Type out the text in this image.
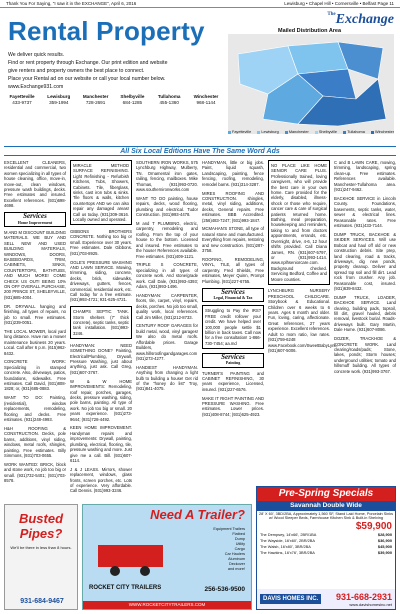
Thank You For Saying, "I saw it in the EXCHANGE", April 6, 2016	Lewisburg • Chapel Hill • Cornersville • Belfast Page 11
Rental Property

We deliver quick results.

Find or rent property through Exchange. Our print edition and website

give renters and property owners the best place to connect.

Place your Rental ad on our website or call your local number below.

www.Exchange931.com

Fayetteville
433-9737
Lewisburg
359-1994
Manchester
728-2691
Shelbyville
684-1285
Tullahoma
455-1360
Winchester
968-1144
$^{The}$Exchange
Mailed Distribution Area
Fayetteville	Lewisburg	Manchester	Shelbyville	Tullahoma	Winchester
All Six Local Editions Have The Same Word Ads
EXCELLENT CLEANERS, residential and commercial, two women specializing in all types of house cleaning, office, move-in, move-out, clean windows, pressure wash buildings, decks. Free estimates and insured. Excellent references. (931)698-4698.
Services
Home Improvement
M AND M DISCOUNT BUILDING MATERIALS. WE BUY AND SELL NEW AND USED BUILDING MATERIALS, WINDOWS, DOORS, BASEBOARDS, TRIM, CABINETS, SINKS, COUNTERTOPS, BATHTUBS, AND MUCH MORE! COME CHECK US OUT! BEING 10% ON OFF OVERALL PURCHASE, 200 PRINCE ST, SHELBYVILLE, (931)685-4004.
DR. DRYWALL hanging and finishing, all types of repairs, no job to small. Free estimates. (931)239-0051.
THE LOCAL MOWER, local yard long distance. Have ran a mower maintenance business 20 years. Local. Call after 6 p.m. (615)962-8432.
CONCRETE WORK: Specializing in stamped concrete. Also, driveways, patios, foundations, sidewalks. Free estimates. Call David, (931)808-1828; or, (931)685-0883.
WANT TO DO: Painting, (residential), window replacements, remodeling, flooring and decks. Free estimates. (931)248-4993.
H&H ROOFING & CONSTRUCTION. Decks, pole barns, additions, vinyl siding, windows, metal roofs, shingles, painting. Free estimates. Billy Simmons, (931)703-0655.
WORK WANTED: BRICK, block and stone work, no job too big or small. (931)732-5401; (931)703-8578.
MIRACLE METHOD SURFACE REFINISHING. Light Refinishing - Refurbish Kitchens, Tubs, Showers, Cabinets. Tile, fiberglass, sinks, cast iron tubs & sinks. Tile floors & walls, kitchen countertops AND we can also repair any damaged areas! Call us today. (931)309-3616. Locally owned and operated.
GIBBONS BROTHERS CONCRETE. Nothing too big or small. Experience over 30 years. Free estimates. Dale Gibbons. (931)703-8925.
OGLE'S PRESSURE WASHING AND LAWN SERVICE. Mowing, trimming, siding, concrete, decks, brick, sidewalks, driveways, gutters, fences, commercial, residential work, etc. Call today for a free estimate. (931)993-4721; 931-625-4721.
CHAMPS SEPTIC TANK. Storm shelters (7' thick concrete), septic tanks, septic tank installation. (931)993-3246.
HANDYMAN: NEED SOMETHING DONE? Painting, Electrical/Plumbing, Drywall, Pressure Washing, just about anything, just ask. Call Greg, (931)607-3767.
W & W HOME IMPROVEMENTS: Remodeling, roof repair, porches, garages, decks, pressure washing, siding, pole barns, painting. All type of work. No job too big or small. 20 years experience. (931)273-9644; (931)728-4492.
KEEN HOME IMPROVEMENT. Handyman repairs and improvements: Drywall, painting, plumbing, electrical, flooring, tile, pressure washing and more. Just give me a call. Bill. (931)607-6114.
J & J LEASS. Mirrors, shower replacement, windows, glass fronts, screen porches, etc. Lots of experience. Very affordable. Call Dennis. (931)993-3246.
SOUTHERN IRON WORKS, 575 Lynchburg Highway, Mulberry, TN. Ornamental iron gates, railing, fencing, mailboxes. Mike Thomas, (931)993-0720. www.southernironworks.com
WANT TO DO painting, house repairs, decks, wood flooring, plumbing and electrical. Tudor Construction. (931)993-4478.
M and T PLUMBING, electric, carpentry, remodeling and roofing. From the top of your house to the bottom. Licensed and insured. Free estimates to the house! References available. Free estimates. (931)409-1121.
TRIPLE S CONCRETE, specializing in all types of concrete work. And stone/grade work. Call Dale, (931)993-4393; Adam, (931)993-1496.
HANDYMAN: CARPENTER, floors, tile, carpet, vinyl, repairs, decks, porches. No job too small, quality work, local references. Call Jim Miller, (931)212-8733.
CENTURY ROOF GARAGES for build metal, wood, vinyl garages! We also do metal roofs. Affordable prices. Garage Builders, www.hillsroofingandgarages.com (931)273-4277.
HANDIEST HANDYMAN. Anything from changing a light bulb to building a house! Get rid of the "honey do list" Troy, (931)841-4075.
HANDYMAN, little or big jobs. Paint, liquid squash, Landscaping, painting, fence fencing, roofing, remodeling, remodel barns. (931)314-3287.
MIRES ROOFING AND CONSTRUCTION. shingles, metal, vinyl siding, additions, decks, General repairs. Free estimates. BBB Accredited. (256)483-7247; (931)993-1847.
MCMAHAN'S STONE, all type of natural stone and manufactured. Everything from repairs, restoring and new construction. (931)287-3758.
ROOFING, REMODELING, VINYL, TILE, all types of carpentry. Fred Shields, Free estimates, Meyer Quinn, Prompt Plumbing. (931)227-6755.
Services
Legal, Financial & Tax
Struggling to Pay the IRS? FREE credit rollover your credit. We have helped over 100,000 people settle $1 billion in back taxes. Call now for a free consultation! 1-866-730-7454; aa.md
Services
Painting
TURNER'S PAINTING and CABINET REFINISHING, 30 years experience, Licensed, insured. (931)227-6576.
MAKE IT RIGHT PAINTING AND PRESSURE WASHING. Free estimates. Lower prices. (931)408-8744; (931)625-4923.
NO PLACE LIKE HOME SENIOR CARE PLUS. Professionally trained, loving caregivers, who will provide the best care in your own home. Care provided for the elderly, disabled, illness-shock or those who require, cancer care & care of surgical patients returned home. Bathing, meal preparation, housekeeping and reminders, taking to and from doctors appointments, errands, etc. Overnight, drive, 4-6, 12 hour shifts provided. Call Diana James, RN. (931)607-5797, or (931)993-1414. www.nplhseniorcare.com. Background checked. Servicing Bedford, Coffee and Moore counties.
LYNCHBURG NURSERY PRESCHOOL CHILDCARE. Storybook & Educational. Children over 6 weeks to 6 years. Ages 6 month and older. Fun, loving, caring, affectionate. Great references, 27 years experience. Excellent references. Adult to mom ratio, low rates. (931)759-6248 www.Facebook.com/SweetBabyLync. (931)607-5006.
C and B LAWN CARE, mowing, trimming, landscaping, spring clean-up. Free estimates. References available. Manchester-Tullahoma area. (931)247-9462.
BACKHOE SERVICE in Lincoln County. Foundations, basements, septic tanks, water, sewer & electrical lines. Reasonable rates. Free estimates. (931)433-7144.
DUMP TRUCK, BACKHOE & SKIDER SERVICES. Will use Bobcat and haul off old or new construction debris. Site prep, land clearing, road & tracks, driveways, dig new ponds, property cleanup. Deliver and spread top soil and fill dirt. Lead rock from crusher. Any job. Reasonable cost, insured. (931)639-8432.
DUMP TRUCK, LOADER, BACKHOE SERVICE. Land clearing, building pads, topsoil, fill dirt, gravel hauled, debris removal, livestock burial. Roads-driveways built. Gary Martin, Dale Hume. (931)607-8086.
DOZER, TRACKHOE & CONCRETE WORK. Land clearing/roads/pads; Stone, lakes, ponds; Storm houses; underground utilities; tomato and hillsmuff building. All types of concrete work. (931)993-3767.
Busted Pipes?
We'll be there in less than 8 hours.
931-684-9467
Need A Trailer?
Equipment Trailers
Flatbed
Dump
Utility
Cargo
Car Haulers
Aluminum
Deckover
and more!
ROCKET CITY TRAILERS	256-536-9500
WWW.ROCKETCITYTRAILERS.COM
Pre-Spring Specials
Savannah Double Wide
28' X 60', 3BD/2BA, Approximately 1,560 SF, Stand Laid Home, Porcelain Sinks w/ Wood Sleeper Beds, Farmhouse Kitchen Sink & Built-in Shelving
$59,900
The Dempsey, 14'x66', 2BR/1BA	$28,900
The Wayside, 16'x60', 2BR/2BA	$36,900
The Walsh, 16'x80', 3BR/2BA	$45,900
The Hawkins, 16'x76', 3BR/2BA	$39,900
DAVIS HOMES INC.	931-668-2931
www.davishomesinc.net
